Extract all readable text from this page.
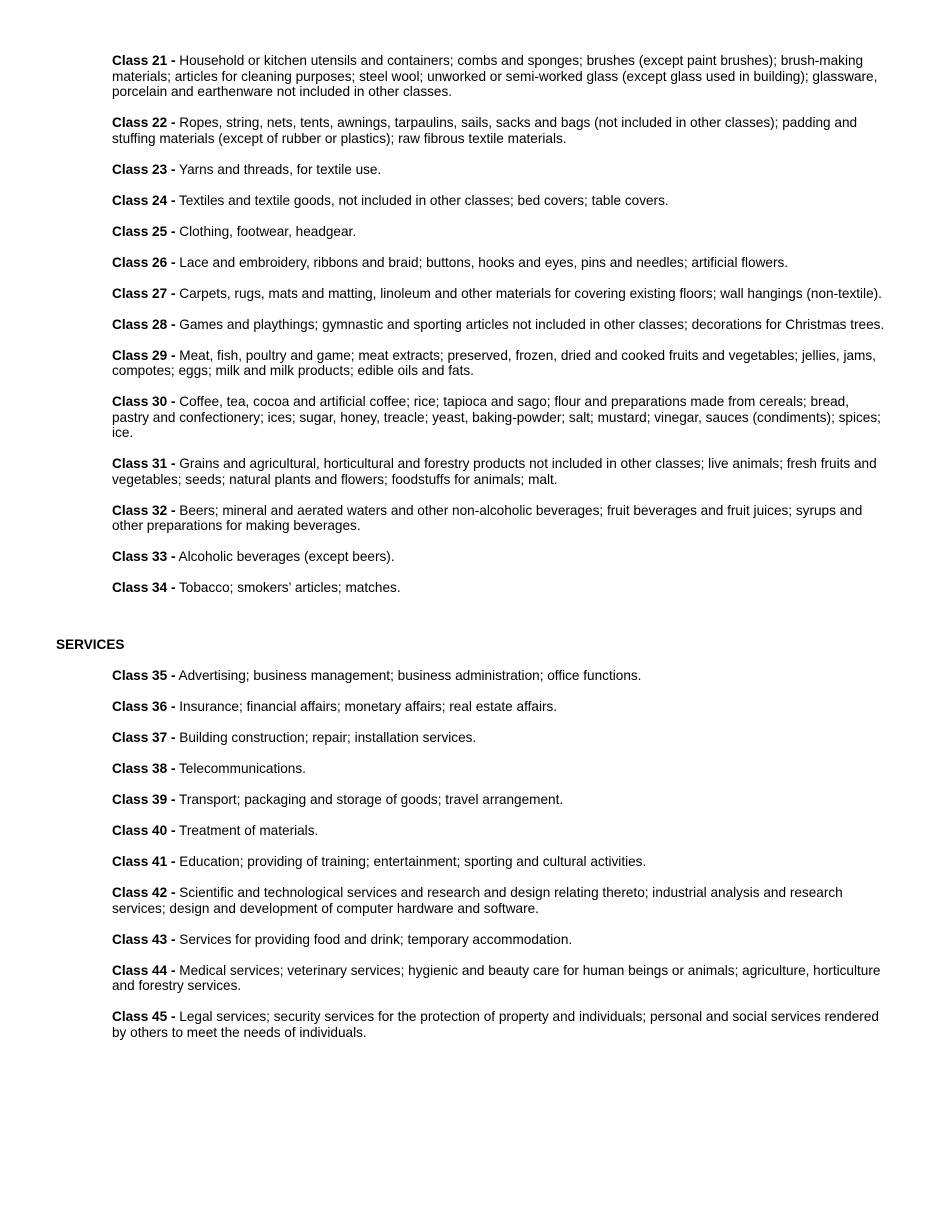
Class 21 - Household or kitchen utensils and containers; combs and sponges; brushes (except paint brushes); brush-making materials; articles for cleaning purposes; steel wool; unworked or semi-worked glass (except glass used in building); glassware, porcelain and earthenware not included in other classes.

Class 22 - Ropes, string, nets, tents, awnings, tarpaulins, sails, sacks and bags (not included in other classes); padding and stuffing materials (except of rubber or plastics); raw fibrous textile materials.

Class 23 - Yarns and threads, for textile use.

Class 24 - Textiles and textile goods, not included in other classes; bed covers; table covers.

Class 25 - Clothing, footwear, headgear.

Class 26 - Lace and embroidery, ribbons and braid; buttons, hooks and eyes, pins and needles; artificial flowers.

Class 27 - Carpets, rugs, mats and matting, linoleum and other materials for covering existing floors; wall hangings (non-textile).

Class 28 - Games and playthings; gymnastic and sporting articles not included in other classes; decorations for Christmas trees.

Class 29 - Meat, fish, poultry and game; meat extracts; preserved, frozen, dried and cooked fruits and vegetables; jellies, jams, compotes; eggs; milk and milk products; edible oils and fats.

Class 30 - Coffee, tea, cocoa and artificial coffee; rice; tapioca and sago; flour and preparations made from cereals; bread, pastry and confectionery; ices; sugar, honey, treacle; yeast, baking-powder; salt; mustard; vinegar, sauces (condiments); spices; ice.

Class 31 - Grains and agricultural, horticultural and forestry products not included in other classes; live animals; fresh fruits and vegetables; seeds; natural plants and flowers; foodstuffs for animals; malt.

Class 32 - Beers; mineral and aerated waters and other non-alcoholic beverages; fruit beverages and fruit juices; syrups and other preparations for making beverages.

Class 33 - Alcoholic beverages (except beers).

Class 34 - Tobacco; smokers’ articles; matches.

SERVICES

Class 35 - Advertising; business management; business administration; office functions.

Class 36 - Insurance; financial affairs; monetary affairs; real estate affairs.

Class 37 - Building construction; repair; installation services.

Class 38 - Telecommunications.

Class 39 - Transport; packaging and storage of goods; travel arrangement.

Class 40 - Treatment of materials.

Class 41 - Education; providing of training; entertainment; sporting and cultural activities.

Class 42 - Scientific and technological services and research and design relating thereto; industrial analysis and research services; design and development of computer hardware and software.

Class 43 - Services for providing food and drink; temporary accommodation.

Class 44 - Medical services; veterinary services; hygienic and beauty care for human beings or animals; agriculture, horticulture and forestry services.

Class 45 - Legal services; security services for the protection of property and individuals; personal and social services rendered by others to meet the needs of individuals.
